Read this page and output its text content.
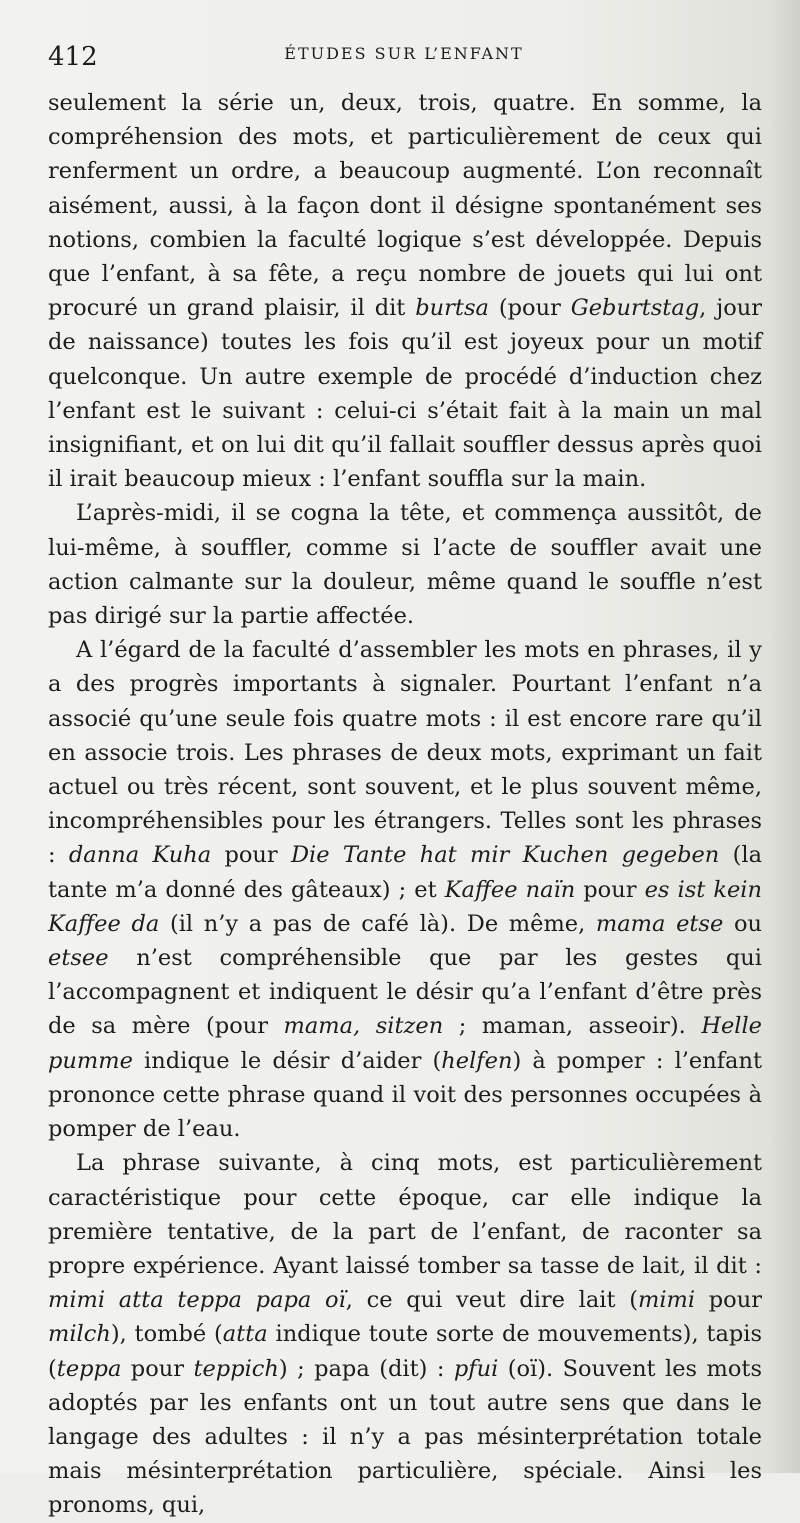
412	ÉTUDES SUR L’ENFANT

seulement la série un, deux, trois, quatre. En somme, la compréhension des mots, et particulièrement de ceux qui renferment un ordre, a beaucoup augmenté. L’on reconnaît aisément, aussi, à la façon dont il désigne spontanément ses notions, combien la faculté logique s’est développée. Depuis que l’enfant, à sa fête, a reçu nombre de jouets qui lui ont procuré un grand plaisir, il dit burtsa (pour Geburtstag, jour de naissance) toutes les fois qu’il est joyeux pour un motif quelconque. Un autre exemple de procédé d’induction chez l’enfant est le suivant : celui-ci s’était fait à la main un mal insignifiant, et on lui dit qu’il fallait souffler dessus après quoi il irait beaucoup mieux : l’enfant souffla sur la main.

L’après-midi, il se cogna la tête, et commença aussitôt, de lui-même, à souffler, comme si l’acte de souffler avait une action calmante sur la douleur, même quand le souffle n’est pas dirigé sur la partie affectée.

A l’égard de la faculté d’assembler les mots en phrases, il y a des progrès importants à signaler. Pourtant l’enfant n’a associé qu’une seule fois quatre mots : il est encore rare qu’il en associe trois. Les phrases de deux mots, exprimant un fait actuel ou très récent, sont souvent, et le plus souvent même, incompréhensibles pour les étrangers. Telles sont les phrases : danna Kuha pour Die Tante hat mir Kuchen gegeben (la tante m’a donné des gâteaux) ; et Kaffee naïn pour es ist kein Kaffee da (il n’y a pas de café là). De même, mama etse ou etsee n’est compréhensible que par les gestes qui l’accompagnent et indiquent le désir qu’a l’enfant d’être près de sa mère (pour mama, sitzen ; maman, asseoir). Helle pumme indique le désir d’aider (helfen) à pomper : l’enfant prononce cette phrase quand il voit des personnes occupées à pomper de l’eau.

La phrase suivante, à cinq mots, est particulièrement caractéristique pour cette époque, car elle indique la première tentative, de la part de l’enfant, de raconter sa propre expérience. Ayant laissé tomber sa tasse de lait, il dit : mimi atta teppa papa oï, ce qui veut dire lait (mimi pour milch), tombé (atta indique toute sorte de mouvements), tapis (teppa pour teppich) ; papa (dit) : pfui (oï). Souvent les mots adoptés par les enfants ont un tout autre sens que dans le langage des adultes : il n’y a pas mésinterprétation totale mais mésinterprétation particulière, spéciale. Ainsi les pronoms, qui,
